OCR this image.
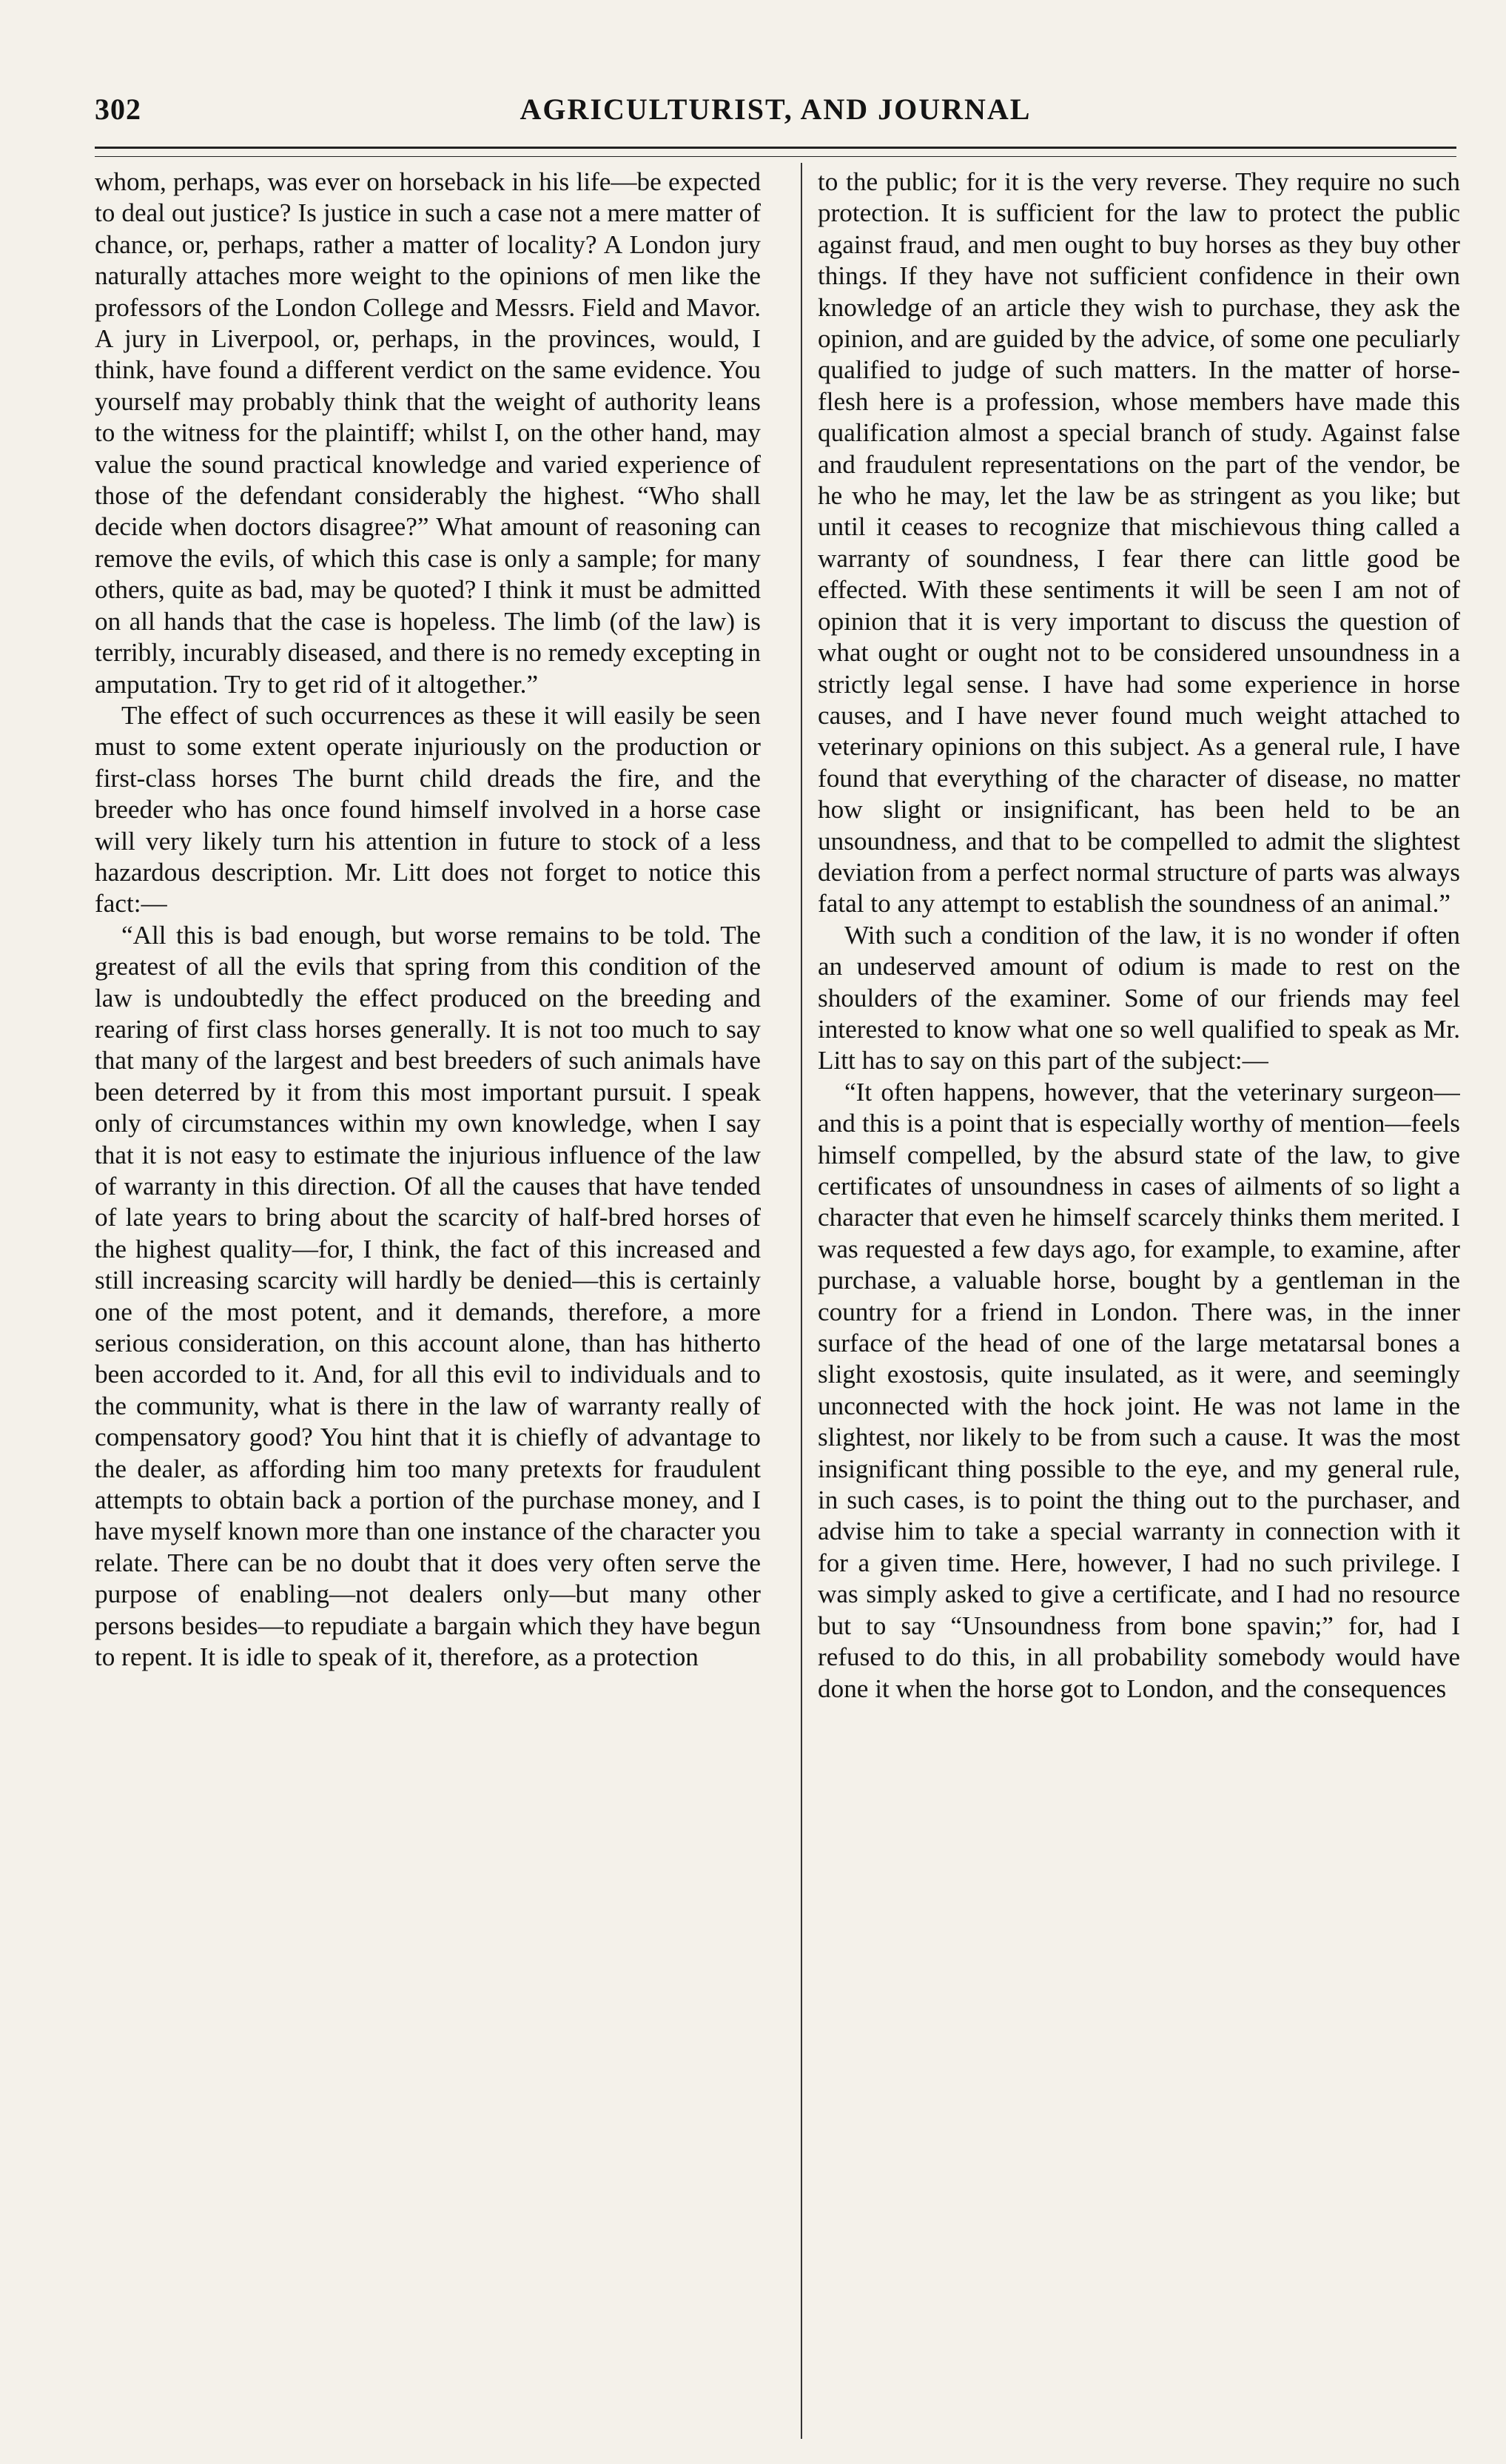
302	AGRICULTURIST, AND JOURNAL

whom, perhaps, was ever on horseback in his life—be expected to deal out justice? Is justice in such a case not a mere matter of chance, or, perhaps, rather a matter of locality? A London jury naturally attaches more weight to the opinions of men like the professors of the London College and Messrs. Field and Mavor. A jury in Liverpool, or, perhaps, in the provinces, would, I think, have found a different verdict on the same evidence. You yourself may probably think that the weight of authority leans to the witness for the plaintiff; whilst I, on the other hand, may value the sound practical knowledge and varied experience of those of the defendant considerably the highest. “Who shall decide when doctors disagree?” What amount of reasoning can remove the evils, of which this case is only a sample; for many others, quite as bad, may be quoted? I think it must be admitted on all hands that the case is hopeless. The limb (of the law) is terribly, incurably diseased, and there is no remedy excepting in amputation. Try to get rid of it altogether.”

The effect of such occurrences as these it will easily be seen must to some extent operate injuriously on the production or first-class horses The burnt child dreads the fire, and the breeder who has once found himself involved in a horse case will very likely turn his attention in future to stock of a less hazardous description. Mr. Litt does not forget to notice this fact:—

“All this is bad enough, but worse remains to be told. The greatest of all the evils that spring from this condition of the law is undoubtedly the effect produced on the breeding and rearing of first class horses generally. It is not too much to say that many of the largest and best breeders of such animals have been deterred by it from this most important pursuit. I speak only of circumstances within my own knowledge, when I say that it is not easy to estimate the injurious influence of the law of warranty in this direction. Of all the causes that have tended of late years to bring about the scarcity of half-bred horses of the highest quality—for, I think, the fact of this increased and still increasing scarcity will hardly be denied—this is certainly one of the most potent, and it demands, therefore, a more serious consideration, on this account alone, than has hitherto been accorded to it. And, for all this evil to individuals and to the community, what is there in the law of warranty really of compensatory good? You hint that it is chiefly of advantage to the dealer, as affording him too many pretexts for fraudulent attempts to obtain back a portion of the purchase money, and I have myself known more than one instance of the character you relate. There can be no doubt that it does very often serve the purpose of enabling—not dealers only—but many other persons besides—to repudiate a bargain which they have begun to repent. It is idle to speak of it, therefore, as a protection

to the public; for it is the very reverse. They require no such protection. It is sufficient for the law to protect the public against fraud, and men ought to buy horses as they buy other things. If they have not sufficient confidence in their own knowledge of an article they wish to purchase, they ask the opinion, and are guided by the advice, of some one peculiarly qualified to judge of such matters. In the matter of horse-flesh here is a profession, whose members have made this qualification almost a special branch of study. Against false and fraudulent representations on the part of the vendor, be he who he may, let the law be as stringent as you like; but until it ceases to recognize that mischievous thing called a warranty of soundness, I fear there can little good be effected. With these sentiments it will be seen I am not of opinion that it is very important to discuss the question of what ought or ought not to be considered unsoundness in a strictly legal sense. I have had some experience in horse causes, and I have never found much weight attached to veterinary opinions on this subject. As a general rule, I have found that everything of the character of disease, no matter how slight or insignificant, has been held to be an unsoundness, and that to be compelled to admit the slightest deviation from a perfect normal structure of parts was always fatal to any attempt to establish the soundness of an animal.”

With such a condition of the law, it is no wonder if often an undeserved amount of odium is made to rest on the shoulders of the examiner. Some of our friends may feel interested to know what one so well qualified to speak as Mr. Litt has to say on this part of the subject:—

“It often happens, however, that the veterinary surgeon—and this is a point that is especially worthy of mention—feels himself compelled, by the absurd state of the law, to give certificates of unsoundness in cases of ailments of so light a character that even he himself scarcely thinks them merited. I was requested a few days ago, for example, to examine, after purchase, a valuable horse, bought by a gentleman in the country for a friend in London. There was, in the inner surface of the head of one of the large metatarsal bones a slight exostosis, quite insulated, as it were, and seemingly unconnected with the hock joint. He was not lame in the slightest, nor likely to be from such a cause. It was the most insignificant thing possible to the eye, and my general rule, in such cases, is to point the thing out to the purchaser, and advise him to take a special warranty in connection with it for a given time. Here, however, I had no such privilege. I was simply asked to give a certificate, and I had no resource but to say “Unsoundness from bone spavin;” for, had I refused to do this, in all probability somebody would have done it when the horse got to London, and the consequences
